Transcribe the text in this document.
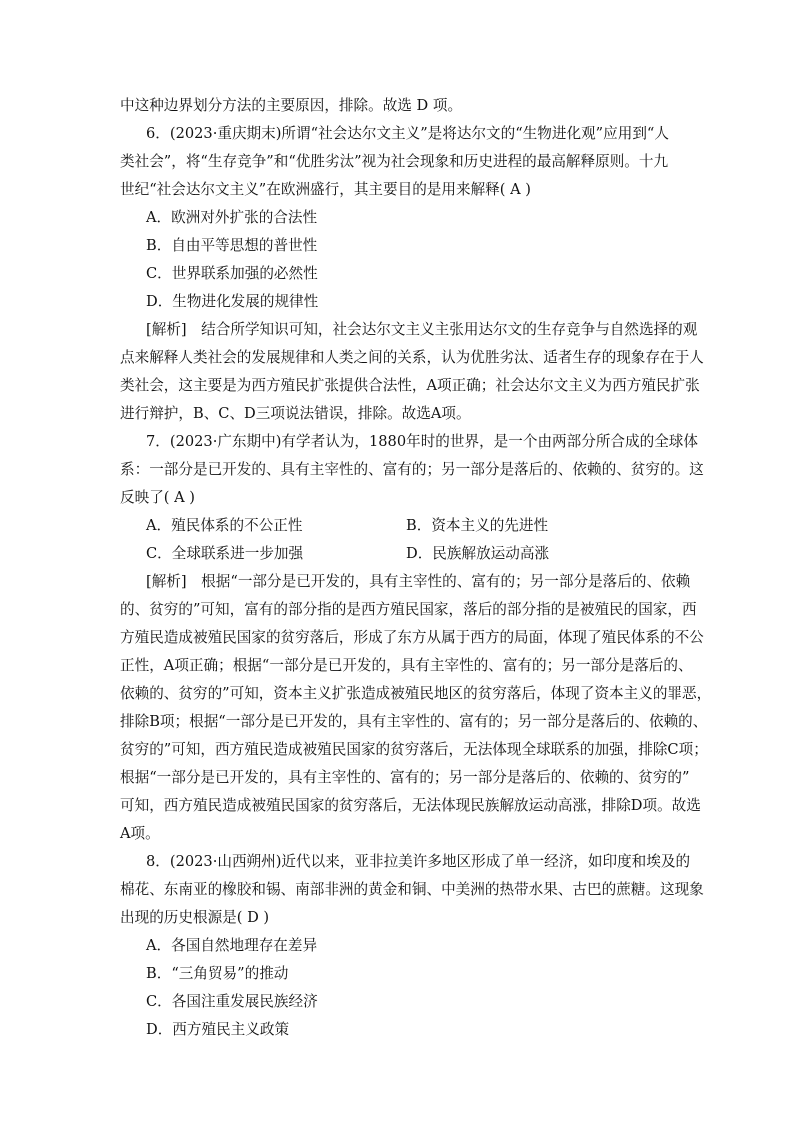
中这种边界划分方法的主要原因，排除。故选 D 项。
6．(2023·重庆期末)所谓“社会达尔文主义”是将达尔文的“生物进化观”应用到“人
类社会”，将“生存竞争”和“优胜劣汰”视为社会现象和历史进程的最高解释原则。十九
世纪“社会达尔文主义”在欧洲盛行，其主要目的是用来解释( A )
A．欧洲对外扩张的合法性
B．自由平等思想的普世性
C．世界联系加强的必然性
D．生物进化发展的规律性
[解析]　结合所学知识可知，社会达尔文主义主张用达尔文的生存竞争与自然选择的观
点来解释人类社会的发展规律和人类之间的关系，认为优胜劣汰、适者生存的现象存在于人
类社会，这主要是为西方殖民扩张提供合法性，A项正确；社会达尔文主义为西方殖民扩张
进行辩护，B、C、D三项说法错误，排除。故选A项。
7．(2023·广东期中)有学者认为，1880年时的世界，是一个由两部分所合成的全球体
系：一部分是已开发的、具有主宰性的、富有的；另一部分是落后的、依赖的、贫穷的。这
反映了( A )
A．殖民体系的不公正性	B．资本主义的先进性
C．全球联系进一步加强	D．民族解放运动高涨
[解析]　根据“一部分是已开发的，具有主宰性的、富有的；另一部分是落后的、依赖
的、贫穷的”可知，富有的部分指的是西方殖民国家，落后的部分指的是被殖民的国家，西
方殖民造成被殖民国家的贫穷落后，形成了东方从属于西方的局面，体现了殖民体系的不公
正性，A项正确；根据“一部分是已开发的，具有主宰性的、富有的；另一部分是落后的、
依赖的、贫穷的”可知，资本主义扩张造成被殖民地区的贫穷落后，体现了资本主义的罪恶，
排除B项；根据“一部分是已开发的，具有主宰性的、富有的；另一部分是落后的、依赖的、
贫穷的”可知，西方殖民造成被殖民国家的贫穷落后，无法体现全球联系的加强，排除C项；
根据“一部分是已开发的，具有主宰性的、富有的；另一部分是落后的、依赖的、贫穷的”
可知，西方殖民造成被殖民国家的贫穷落后，无法体现民族解放运动高涨，排除D项。故选
A项。
8．(2023·山西朔州)近代以来，亚非拉美许多地区形成了单一经济，如印度和埃及的
棉花、东南亚的橡胶和锡、南部非洲的黄金和铜、中美洲的热带水果、古巴的蔗糖。这现象
出现的历史根源是( D )
A．各国自然地理存在差异
B．“三角贸易”的推动
C．各国注重发展民族经济
D．西方殖民主义政策
